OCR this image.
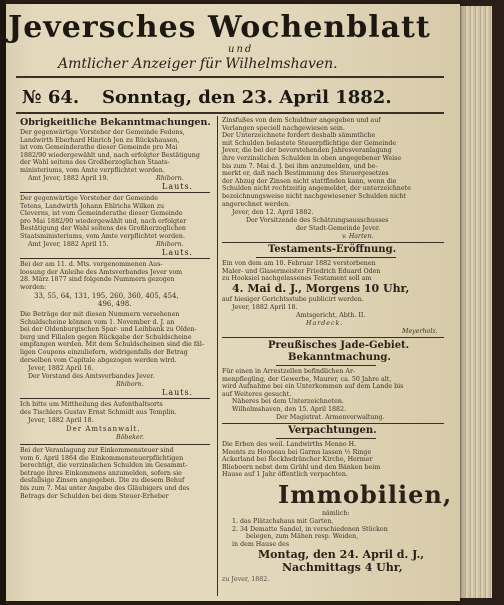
Jeversches Wochenblatt
und
Amtlicher Anzeiger für Wilhelmshaven.
№ 64. Sonntag, den 23. April 1882.
Obrigkeitliche Bekanntmachungen.
Der gegenwärtige Vorsteher der Gemeinde Fedens,
Landwirth Eberhard Hinrich Jen zu Rückshausen,
ist vom Gemeinderathe dieser Gemeinde pro Mai
1882/90 wiedergewählt und, nach erfolgter Bestätigung
der Wahl seitens des Großherzoglichen Staats-
ministeriums, vom Amte verpflichtet worden.
Amt Jever, 1882 April 19.	Rhiborn.
Lauts.
Der gegenwärtige Vorsteher der Gemeinde
Tetens, Landwirth Johann Ehlrichs Wilken zu
Cleverns, ist vom Gemeinderathe dieser Gemeinde
pro Mai 1882/90 wiedergewählt und, nach erfolgter
Bestätigung der Wahl seitens des Großherzoglichen
Staatsministeriums, vom Amte verpflichtet worden.
Amt Jever, 1882 April 15.	Rhiborn.
Lauts.
Bei der am 11. d. Mts. vorgenommenen Aus-
loosung der Anleihe des Amtsverbandes Jever vom
28. März 1877 sind folgende Nummern gezogen
worden:
33, 55, 64, 131, 195, 260, 360, 405, 454,
496, 498.
Die Beträge der mit diesen Nummern versehenen
Schuldscheine können vom 1. November d. J. an
bei der Oldenburgischen Spar- und Leihbank zu Olden-
burg und Filialen gegen Rückgabe der Schuldscheine
empfangen werden. Mit dem Schuldscheinen sind die fäl-
ligen Coupons einzuliefern, widrigenfalls der Betrag
derselben vom Capitale abgezogen werden wird.
Jever, 1882 April 16.
Der Vorstand des Amtsverbandes Jever.
Rhiborn.
Lauts.
Ich bitte um Mittheilung des Aufenthaltsorts
des Tischlers Gustav Ernst Schmidt aus Templin.
Jever, 1882 April 18.
Der Amtsanwalt.
Böbeker.
Bei der Veranlagung zur Einkommensteuer sind
vom 6. April 1864 die Einkommensteuerpflichtigen
berechtigt, die verzinslichen Schulden im Gesammt-
betrage ihres Einkommens anzumelden, sofern sie
desfallsige Zinsen angegeben. Die zu diesem Behuf
bis zum 7. Mai unter Angabe des Gläubigers und des
Betrags der Schulden bei dem Steuer-Erheber
Zinsfußes von dem Schuldner angegeben und auf
Verlangen speciell nachgewiesen sein.
Der Unterzeichnete fordert deshalb sämmtliche
mit Schulden belastete Steuerpflichtige der Gemeinde
Jever, die bei der bevorstehenden Jahresveranlagung
ihre verzinslichen Schulden in oben angegebener Weise
bis zum 7. Mai d. J. bei ihm anzumelden, und be-
merkt er, daß nach Bestimmung des Steuergesetzes
der Abzug der Zinsen nicht stattfinden kann, wenn die
Schulden nicht rechtzeitig angemeldet, der unterzeichnete
bezeichnungsweise nicht nachgewiesener Schulden nicht
angerechnet werden.
Jever, den 12. April 1882.
Der Vorsitzende des Schätzungsausschusses
der Stadt-Gemeinde Jever.
v. Harten.
Testaments-Eröffnung.
Ein von dem am 10. Februar 1882 verstorbenen
Maler- und Glasermeister Friedrich Eduard Oden
zu Hooksiel nachgelassenes Testament soll am
4. Mai d. J., Morgens 10 Uhr,
auf hiesiger Gerichtsstube publicirt werden.
Jever, 1882 April 18.
Amtsgericht, Abth. II.
Hardeck.
Meyerholz.
Preußisches Jade-Gebiet.
Bekanntmachung.
Für einen in Arrestzellen befindlichen Ar-
menpflegling, der Gewerbe, Maurer, ca. 50 Jahre alt,
wird Aufnahme bei ein Unterkommen auf dem Lande bis
auf Weiteres gesucht.
Näheres bei dem Unterzeichneten.
Wilhelmshaven, den 15. April 1882.
Der Magistrat. Armenverwaltung.
Verpachtungen.
Die Erben des weil. Landwirths Menno H.
Meents zu Hoopeau bei Garms lassen ½ Ringe
Ackerland bei Reckhsdräncher Kirche, Hermer
Blieboern nebst dem Grühl und den Bänken beim
Hause auf 1 Jahr öffentlich verpachten.
Immobilien,
nämlich:
1. das Plätzchshaus mit Garten,
2. 34 Dematte Sandel, in verschiedenen Stücken
belegen, zum Mähen resp. Weiden,
in dem Hause des
Montag, den 24. April d. J.,
Nachmittags 4 Uhr,
zu Jever, 1882.
